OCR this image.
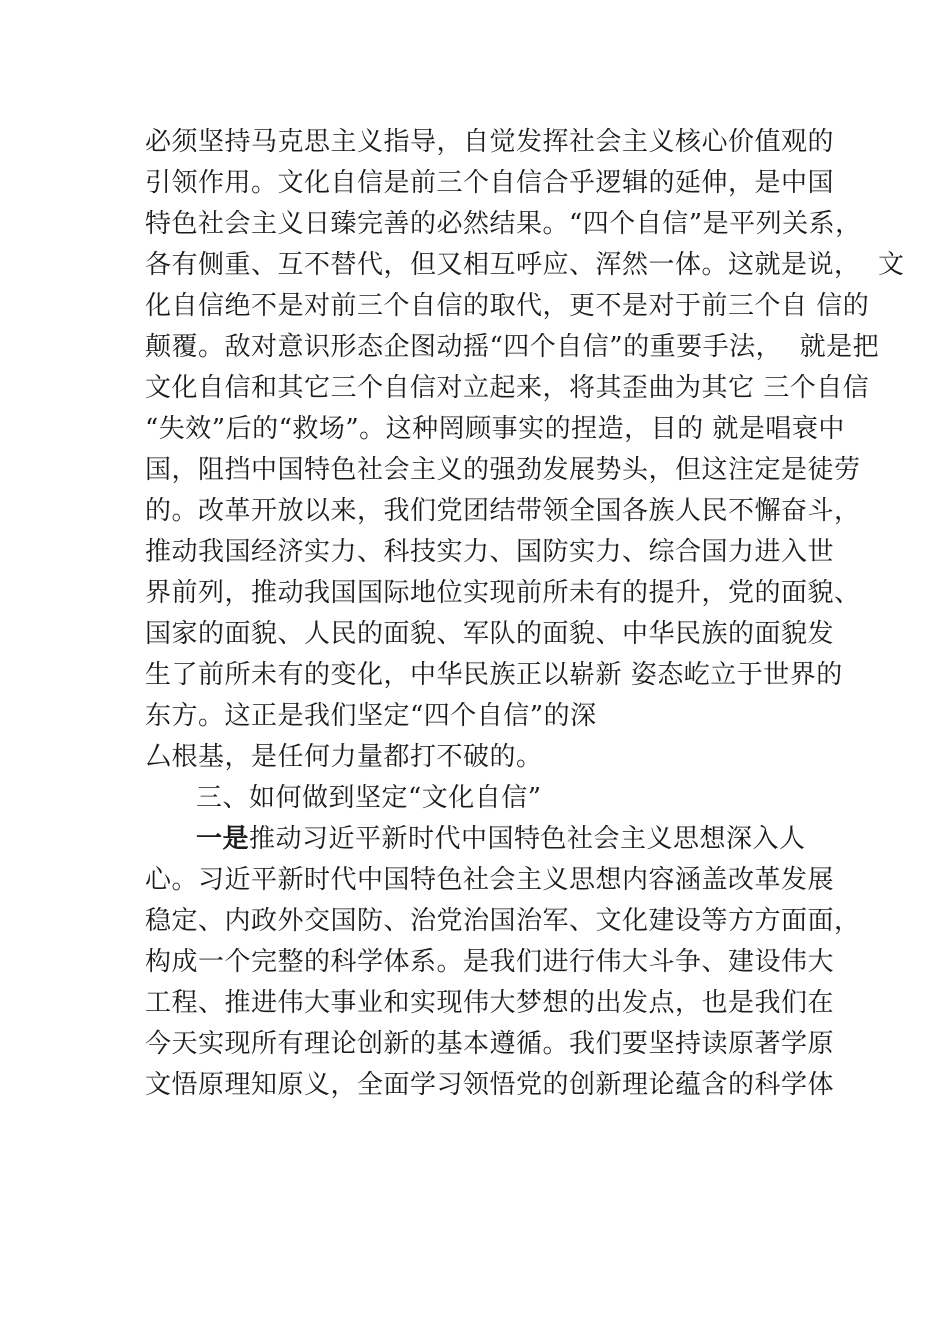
必须坚持马克思主义指导，自觉发挥社会主义核心价值观的
引领作用。文化自信是前三个自信合乎逻辑的延伸，是中国
特色社会主义日臻完善的必然结果。“四个自信”是平列关系，
各有侧重、互不替代，但又相互呼应、浑然一体。这就是说，  文
化自信绝不是对前三个自信的取代，更不是对于前三个自 信的
颠覆。敌对意识形态企图动摇“四个自信”的重要手法，  就是把
文化自信和其它三个自信对立起来，将其歪曲为其它 三个自信
“失效”后的“救场”。这种罔顾事实的捏造，目的 就是唱衰中
国，阻挡中国特色社会主义的强劲发展势头，但这注定是徒劳
的。改革开放以来，我们党团结带领全国各族人民不懈奋斗，
推动我国经济实力、科技实力、国防实力、综合国力进入世
界前列，推动我国国际地位实现前所未有的提升，党的面貌、
国家的面貌、人民的面貌、军队的面貌、中华民族的面貌发
生了前所未有的变化，中华民族正以崭新 姿态屹立于世界的
东方。这正是我们坚定“四个自信”的深
厶根基，是任何力量都打不破的。
三、如何做到坚定“文化自信”
一是推动习近平新时代中国特色社会主义思想深入人
心。习近平新时代中国特色社会主义思想内容涵盖改革发展
稳定、内政外交国防、治党治国治军、文化建设等方方面面，
构成一个完整的科学体系。是我们进行伟大斗争、建设伟大
工程、推进伟大事业和实现伟大梦想的出发点，也是我们在
今天实现所有理论创新的基本遵循。我们要坚持读原著学原
文悟原理知原义，全面学习领悟党的创新理论蕴含的科学体
